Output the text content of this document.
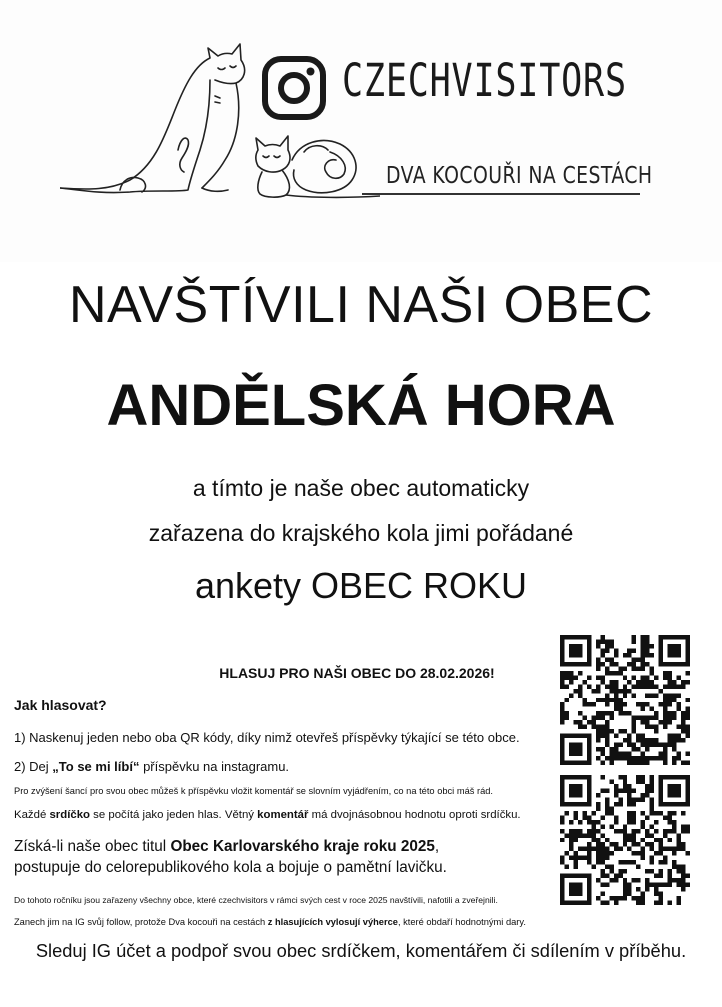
CZECHVISITORS
DVA KOCOUŘI NA CESTÁCH
NAVŠTÍVILI NAŠI OBEC
ANDĚLSKÁ HORA
a tímto je naše obec automaticky
zařazena do krajského kola jimi pořádané
ankety OBEC ROKU
HLASUJ PRO NAŠI OBEC DO 28.02.2026!
Jak hlasovat?
1) Naskenuj jeden nebo oba QR kódy, díky nimž otevřeš příspěvky týkající se této obce.
2) Dej „To se mi líbí“ příspěvku na instagramu.
Pro zvýšení šancí pro svou obec můžeš k příspěvku vložit komentář se slovním vyjádřením, co na této obci máš rád.
Každé srdíčko se počítá jako jeden hlas. Větný komentář má dvojnásobnou hodnotu oproti srdíčku.
Získá-li naše obec titul Obec Karlovarského kraje roku 2025,
postupuje do celorepublikového kola a bojuje o pamětní lavičku.
Do tohoto ročníku jsou zařazeny všechny obce, které czechvisitors v rámci svých cest v roce 2025 navštívili, nafotili a zveřejnili.
Zanech jim na IG svůj follow, protože Dva kocouři na cestách z hlasujících vylosují výherce, které obdaří hodnotnými dary.
Sleduj IG účet a podpoř svou obec srdíčkem, komentářem či sdílením v příběhu.
